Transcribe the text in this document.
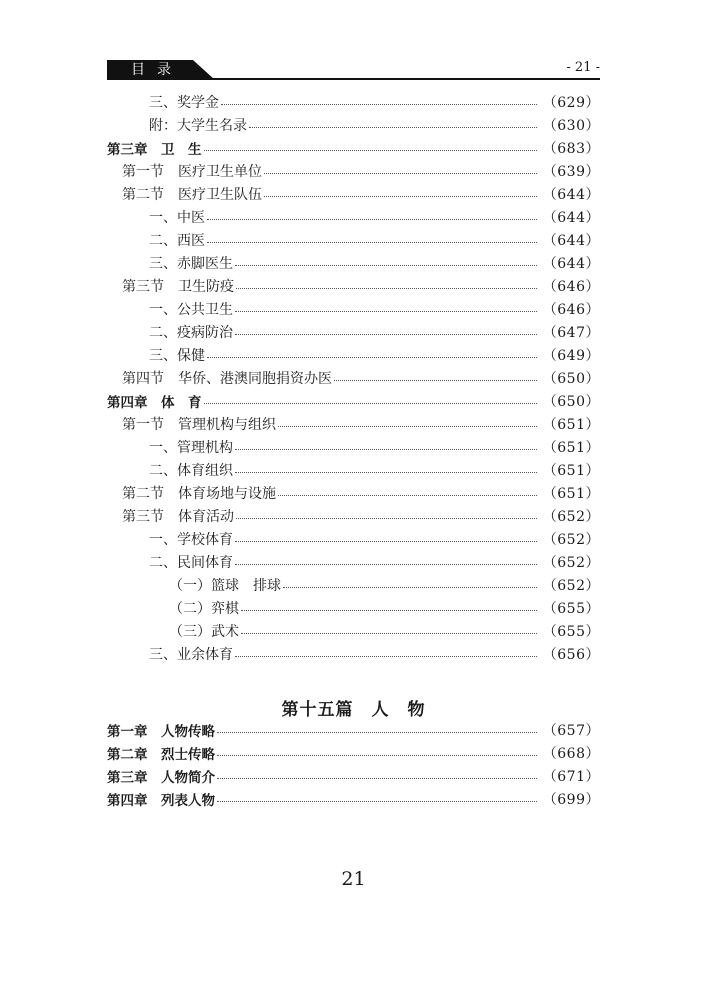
目录	- 21 -
三、奖学金	（629）
附：大学生名录	（630）
第三章　卫　生	（683）
第一节 医疗卫生单位	（639）
第二节 医疗卫生队伍	（644）
一、中医	（644）
二、西医	（644）
三、赤脚医生	（644）
第三节 卫生防疫	（646）
一、公共卫生	（646）
二、疫病防治	（647）
三、保健	（649）
第四节 华侨、港澳同胞捐资办医	（650）
第四章　体　育	（650）
第一节 管理机构与组织	（651）
一、管理机构	（651）
二、体育组织	（651）
第二节 体育场地与设施	（651）
第三节 体育活动	（652）
一、学校体育	（652）
二、民间体育	（652）
（一）篮球　排球	（652）
（二）弈棋	（655）
（三）武术	（655）
三、业余体育	（656）
第十五篇　人　物
第一章　人物传略	（657）
第二章　烈士传略	（668）
第三章　人物简介	（671）
第四章　列表人物	（699）
21
